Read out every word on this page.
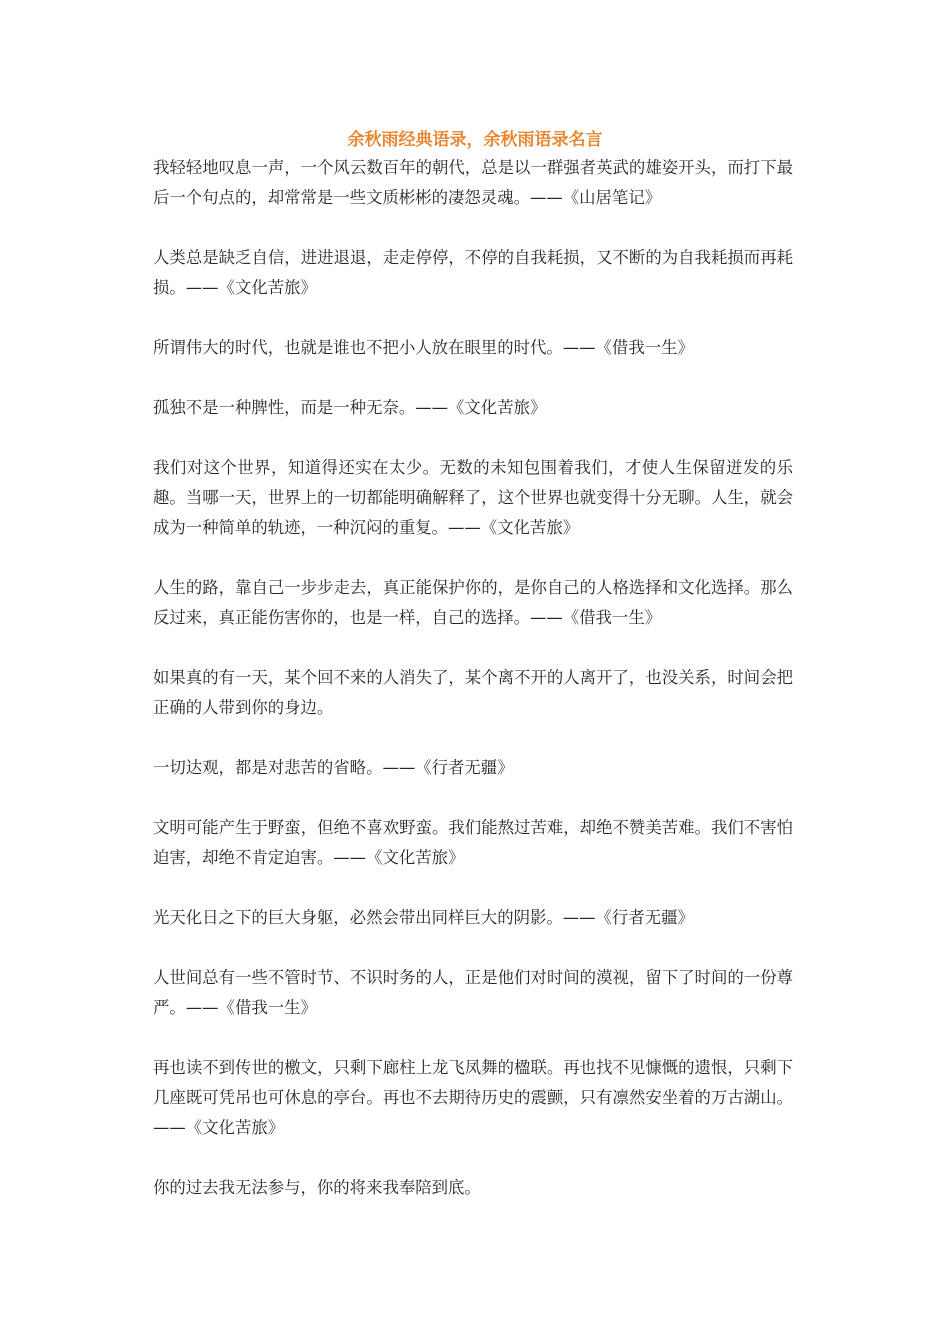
余秋雨经典语录，余秋雨语录名言

我轻轻地叹息一声，一个风云数百年的朝代，总是以一群强者英武的雄姿开头，而打下最后一个句点的，却常常是一些文质彬彬的凄怨灵魂。——《山居笔记》

人类总是缺乏自信，进进退退，走走停停，不停的自我耗损，又不断的为自我耗损而再耗损。——《文化苦旅》

所谓伟大的时代，也就是谁也不把小人放在眼里的时代。——《借我一生》

孤独不是一种脾性，而是一种无奈。——《文化苦旅》

我们对这个世界，知道得还实在太少。无数的未知包围着我们，才使人生保留迸发的乐趣。当哪一天，世界上的一切都能明确解释了，这个世界也就变得十分无聊。人生，就会成为一种简单的轨迹，一种沉闷的重复。——《文化苦旅》

人生的路，靠自己一步步走去，真正能保护你的，是你自己的人格选择和文化选择。那么反过来，真正能伤害你的，也是一样，自己的选择。——《借我一生》

如果真的有一天，某个回不来的人消失了，某个离不开的人离开了，也没关系，时间会把正确的人带到你的身边。

一切达观，都是对悲苦的省略。——《行者无疆》

文明可能产生于野蛮，但绝不喜欢野蛮。我们能熬过苦难，却绝不赞美苦难。我们不害怕迫害，却绝不肯定迫害。——《文化苦旅》

光天化日之下的巨大身躯，必然会带出同样巨大的阴影。——《行者无疆》

人世间总有一些不管时节、不识时务的人，正是他们对时间的漠视，留下了时间的一份尊严。——《借我一生》

再也读不到传世的檄文，只剩下廊柱上龙飞凤舞的楹联。再也找不见慷慨的遗恨，只剩下几座既可凭吊也可休息的亭台。再也不去期待历史的震颤，只有凛然安坐着的万古湖山。——《文化苦旅》

你的过去我无法参与，你的将来我奉陪到底。
